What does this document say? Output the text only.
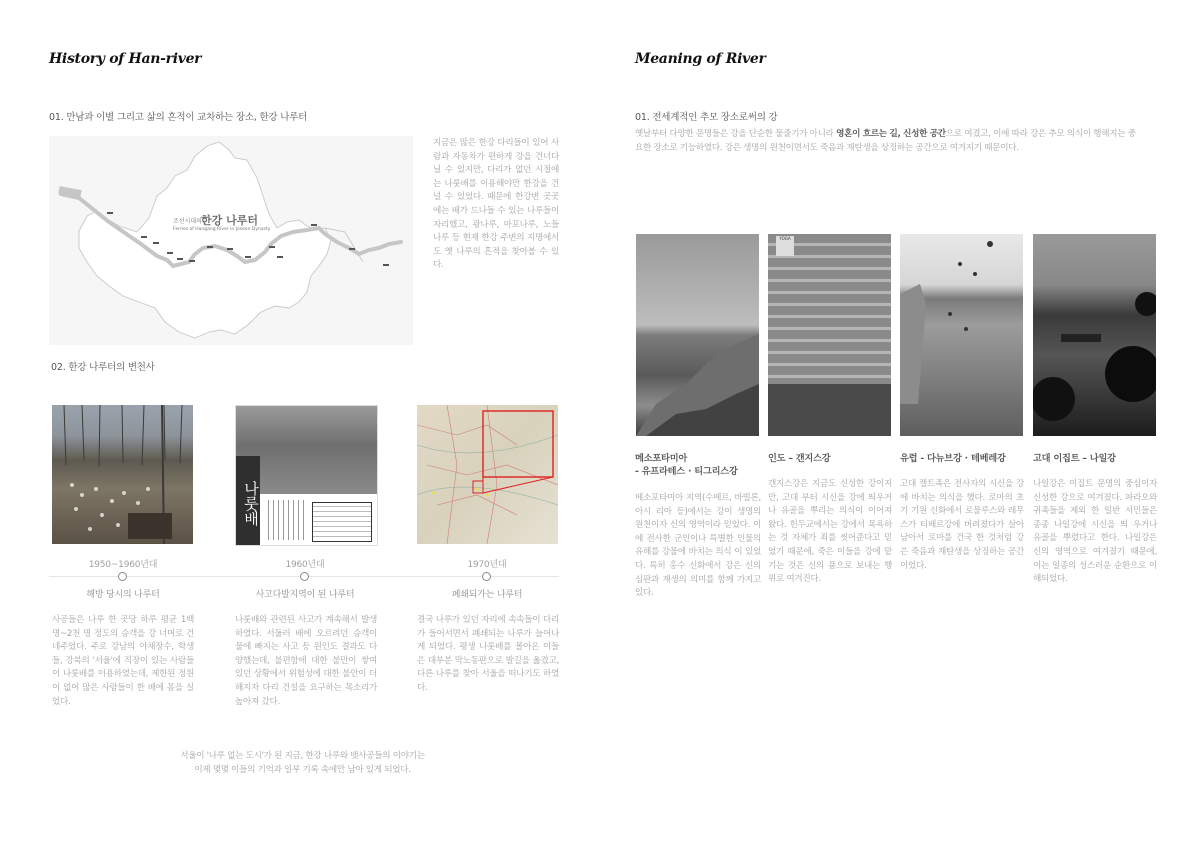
History of Han-river
01. 만남과 이별 그리고 삶의 흔적이 교차하는 장소, 한강 나루터
조선시대의 한강 나루터
Ferries of Hangang River in Joseon Dynasty
지금은 많은 한강 다리들이 있어 사람과 자동차가 편하게 강을 건너다닐 수 있지만, 다리가 없던 시절에는 나룻배를 이용해야만 한강을 건널 수 있었다. 때문에 한강변 곳곳에는 배가 드나들 수 있는 나루들이 자리했고, 광나루, 마포나루, 노들나루 등 현재 한강 주변의 지명에서도 옛 나루의 흔적을 찾아볼 수 있다.
02. 한강 나루터의 변천사
나룻배
1950~1960년대
해방 당시의 나루터
1960년대
사고다발지역이 된 나루터
1970년대
폐쇄되가는 나루터
사공들은 나루 한 곳당 하루 평균 1백 명~2천 명 정도의 승객을 강 너머로 건네주었다. 주로 강남의 야채장수, 학생들, 강북의 '서울'에 직장이 있는 사람들이 나룻배를 이용하였는데, 제한된 정원이 없어 많은 사람들이 한 배에 몸을 실었다.
나룻배와 관련된 사고가 계속해서 발생하였다. 서둘러 배에 오르려던 승객이 물에 빠지는 사고 등 원인도 결과도 다양했는데, 불편함에 대한 불만이 쌓여 있던 상황에서 위험성에 대한 불안이 더해지자 다리 건설을 요구하는 목소리가 높아져 갔다.
결국 나루가 있던 자리에 속속들이 다리가 들어서면서 폐쇄되는 나루가 늘어나게 되었다. 평생 나룻배를 몰아온 이들은 대부분 막노동판으로 발길을 옮겼고, 다른 나루를 찾아 서울을 떠나기도 하였다.
서울이 '나루 없는 도시'가 된 지금, 한강 나루와 뱃사공들의 이야기는
이제 몇몇 이들의 기억과 일부 기록 속에만 남아 있게 되었다.
Meaning of River
01. 전세계적인 추모 장소로써의 강
옛날부터 다양한 문명들은 강을 단순한 물줄기가 아니라 영혼이 흐르는 길, 신성한 공간으로 여겼고, 이에 따라 강은 추모 의식이 행해지는 중요한 장소로 기능하였다. 강은 생명의 원천이면서도 죽음과 재탄생을 상징하는 공간으로 여겨지기 때문이다.
YOGA
메소포타미아
- 유프라테스 · 티그리스강
메소포타미아 지역(수메르, 바빌론, 아시 리아 등)에서는 강이 생명의 원천이자 신의 영역이라 믿었다. 이에 전사한 군인이나 특별한 인물의 유해를 강물에 바치는 의식 이 있었다. 특히 홍수 신화에서 강은 신의 심판과 재생의 의미를 함께 가지고 있다.
인도 – 갠지스강
갠지스강은 지금도 신성한 강이지만, 고대 부터 시신을 강에 띄우거나 유골을 뿌리는 의식이 이어져 왔다. 힌두교에서는 강에서 목욕하는 것 자체가 죄를 씻어준다고 믿었기 때문에, 죽은 이들을 강에 맡기는 것은 신의 품으로 보내는 행위로 여겨진다.
유럽 - 다뉴브강 · 테베레강
고대 켈트족은 전사자의 시신을 강에 바치는 의식을 했다. 로마의 초기 기원 신화에서 로물루스와 레무스가 티베르강에 버려졌다가 살아 남아서 로마를 건국 한 것처럼 강은 죽음과 재탄생을 상징하는 공간이었다.
고대 이집트 – 나일강
나일강은 이집트 문명의 중심이자 신성한 강으로 여겨졌다. 파라오와 귀족들을 제외 한 일반 서민들은 종종 나일강에 시신을 띄 우거나 유골을 뿌렸다고 한다. 나일강은 신의 영역으로 여겨졌기 때문에, 이는 일종의 성스러운 순환으로 이해되었다.
